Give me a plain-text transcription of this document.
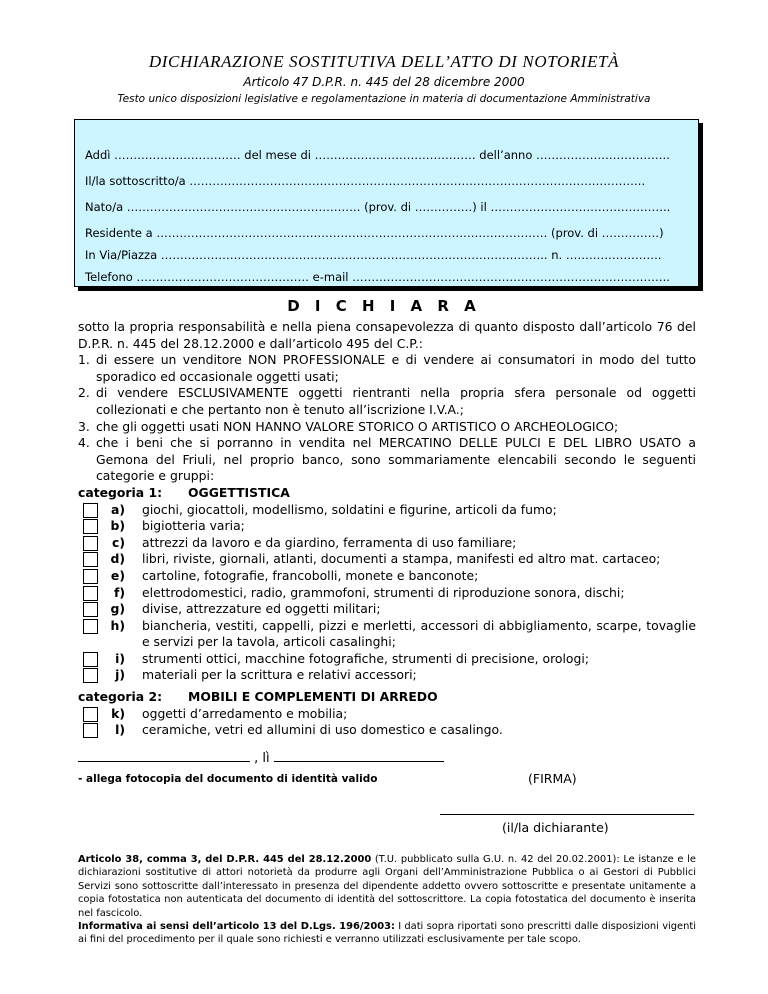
DICHIARAZIONE SOSTITUTIVA DELL’ATTO DI NOTORIETÀ
Articolo 47 D.P.R. n. 445 del 28 dicembre 2000
Testo unico disposizioni legislative e regolamentazione in materia di documentazione Amministrativa
Addì …………………………… del mese di …………………………………… dell’anno ……………………………..
Il/la sottoscritto/a ………………………………………………………………………………………………………..
Nato/a ……………………………………………………. (prov. di ……………) il ………………………………………..
Residente a ………………………………………………………………………………………… (prov. di ……………)
In Via/Piazza ……………………………………………………………………………………….. n. …………………….
Telefono ……………………………………… e-mail ………………………………………………………………………..
D I C H I A R A
sotto la propria responsabilità e nella piena consapevolezza di quanto disposto dall’articolo 76 del D.P.R. n. 445 del 28.12.2000 e dall’articolo 495 del C.P.:
1. di essere un venditore NON PROFESSIONALE e di vendere ai consumatori in modo del tutto sporadico ed occasionale oggetti usati;
2. di vendere ESCLUSIVAMENTE oggetti rientranti nella propria sfera personale od oggetti collezionati e che pertanto non è tenuto all’iscrizione I.V.A.;
3. che gli oggetti usati NON HANNO VALORE STORICO O ARTISTICO O ARCHEOLOGICO;
4. che i beni che si porranno in vendita nel MERCATINO DELLE PULCI E DEL LIBRO USATO a Gemona del Friuli, nel proprio banco, sono sommariamente elencabili secondo le seguenti categorie e gruppi:
categoria 1:	OGGETTISTICA
a)	giochi, giocattoli, modellismo, soldatini e figurine, articoli da fumo;
b)	bigiotteria varia;
c)	attrezzi da lavoro e da giardino, ferramenta di uso familiare;
d)	libri, riviste, giornali, atlanti, documenti a stampa, manifesti ed altro mat. cartaceo;
e)	cartoline, fotografie, francobolli, monete e banconote;
f)	elettrodomestici, radio, grammofoni, strumenti di riproduzione sonora, dischi;
g)	divise, attrezzature ed oggetti militari;
h)	biancheria, vestiti, cappelli, pizzi e merletti, accessori di abbigliamento, scarpe, tovaglie e servizi per la tavola, articoli casalinghi;
i)	strumenti ottici, macchine fotografiche, strumenti di precisione, orologi;
j)	materiali per la scrittura e relativi accessori;
categoria 2:	MOBILI E COMPLEMENTI DI ARREDO
k)	oggetti d’arredamento e mobilia;
l)	ceramiche, vetri ed allumini di uso domestico e casalingo.
, lì
- allega fotocopia del documento di identità valido	(FIRMA)
(il/la dichiarante)
Articolo 38, comma 3, del D.P.R. 445 del 28.12.2000 (T.U. pubblicato sulla G.U. n. 42 del 20.02.2001): Le istanze e le dichiarazioni sostitutive di attori notorietà da produrre agli Organi dell’Amministrazione Pubblica o ai Gestori di Pubblici Servizi sono sottoscritte dall’interessato in presenza del dipendente addetto ovvero sottoscritte e presentate unitamente a copia fotostatica non autenticata del documento di identità del sottoscrittore. La copia fotostatica del documento è inserita nel fascicolo.
Informativa ai sensi dell’articolo 13 del D.Lgs. 196/2003: I dati sopra riportati sono prescritti dalle disposizioni vigenti ai fini del procedimento per il quale sono richiesti e verranno utilizzati esclusivamente per tale scopo.
